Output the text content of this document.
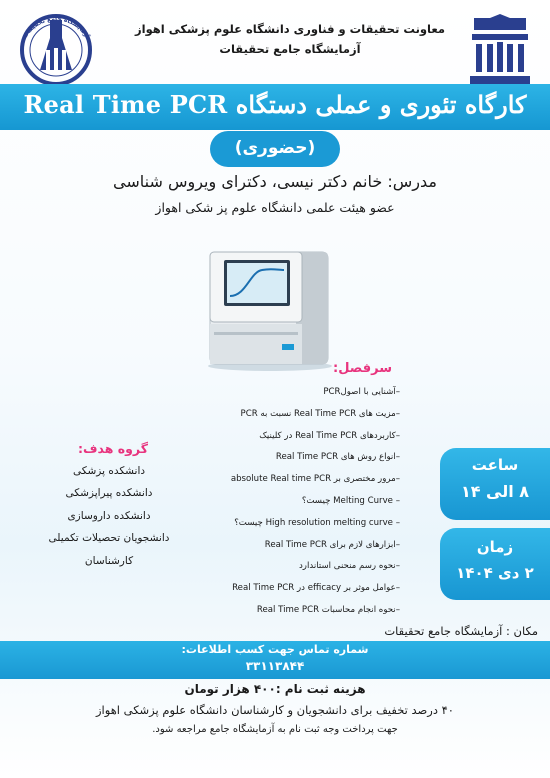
آزمایشگاه جامع تحقیقات
معاونت تحقیقات و فناوری دانشگاه علوم پزشکی اهواز
آزمایشگاه جامع تحقیقات
کارگاه تئوری و عملی دستگاه Real Time PCR
(حضوری)
مدرس: خانم دکتر نیسی، دکترای ویروس شناسی
عضو هیئت علمی دانشگاه علوم پز شکی اهواز
سرفصل:
–آشنایی با اصولPCR
–مزیت های Real Time PCR نسبت به PCR
–کاربردهای Real Time PCR در کلینیک
–انواع روش های Real Time PCR
–مرور مختصری بر absolute Real time PCR
– Melting Curve چیست؟
– High resolution melting curve چیست؟
–ابزارهای لازم برای Real Time PCR
–نحوه رسم منحنی استاندارد
–عوامل موثر بر efficacy در Real Time PCR
–نحوه انجام محاسبات Real Time PCR
گروه هدف:
دانشکده پزشکی
دانشکده پیراپزشکی
دانشکده داروسازی
دانشجویان تحصیلات تکمیلی
کارشناسان
ساعت
۸ الی ۱۴
زمان
۲ دی ۱۴۰۴
مکان : آزمایشگاه جامع تحقیقات
شماره تماس جهت کسب اطلاعات:
۳۳۱۱۳۸۴۴
هزینه ثبت نام :۴۰۰ هزار تومان
۴۰ درصد تخفیف برای دانشجویان و کارشناسان دانشگاه علوم پزشکی اهواز
جهت پرداخت وجه ثبت نام به آزمایشگاه جامع مراجعه شود.
